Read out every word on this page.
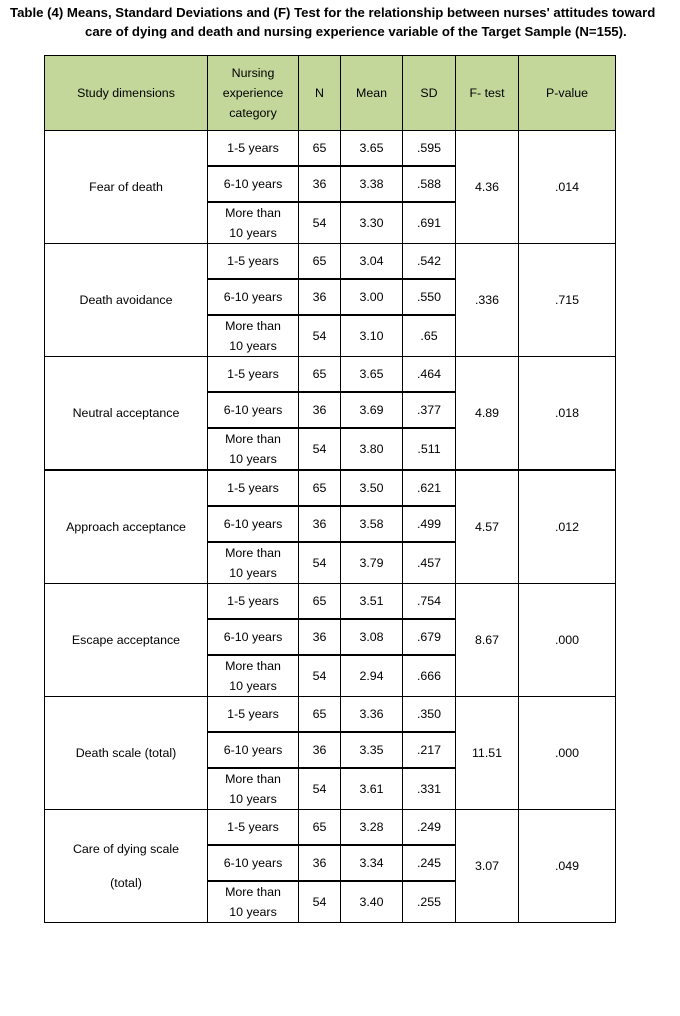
Table (4) Means, Standard Deviations and (F) Test for the relationship between nurses' attitudes toward
care of dying and death and nursing experience variable of the Target Sample (N=155).
Study dimensions	Nursing
experience
category	N	Mean	SD	F- test	P-value

Fear of death	1-5 years	65	3.65	.595	4.36	.014

	6-10 years	36	3.38	.588		

	More than
10 years	54	3.30	.691		

Death avoidance	1-5 years	65	3.04	.542	.336	.715

	6-10 years	36	3.00	.550		

	More than
10 years	54	3.10	.65		

Neutral acceptance	1-5 years	65	3.65	.464	4.89	.018

	6-10 years	36	3.69	.377		

	More than
10 years	54	3.80	.511		

Approach acceptance	1-5 years	65	3.50	.621	4.57	.012

	6-10 years	36	3.58	.499		

	More than
10 years	54	3.79	.457		

Escape acceptance	1-5 years	65	3.51	.754	8.67	.000

	6-10 years	36	3.08	.679		

	More than
10 years	54	2.94	.666		

Death scale (total)	1-5 years	65	3.36	.350	11.51	.000

	6-10 years	36	3.35	.217		

	More than
10 years	54	3.61	.331		

Care of dying scale
(total)	1-5 years	65	3.28	.249	3.07	.049

	6-10 years	36	3.34	.245		

	More than
10 years	54	3.40	.255		
